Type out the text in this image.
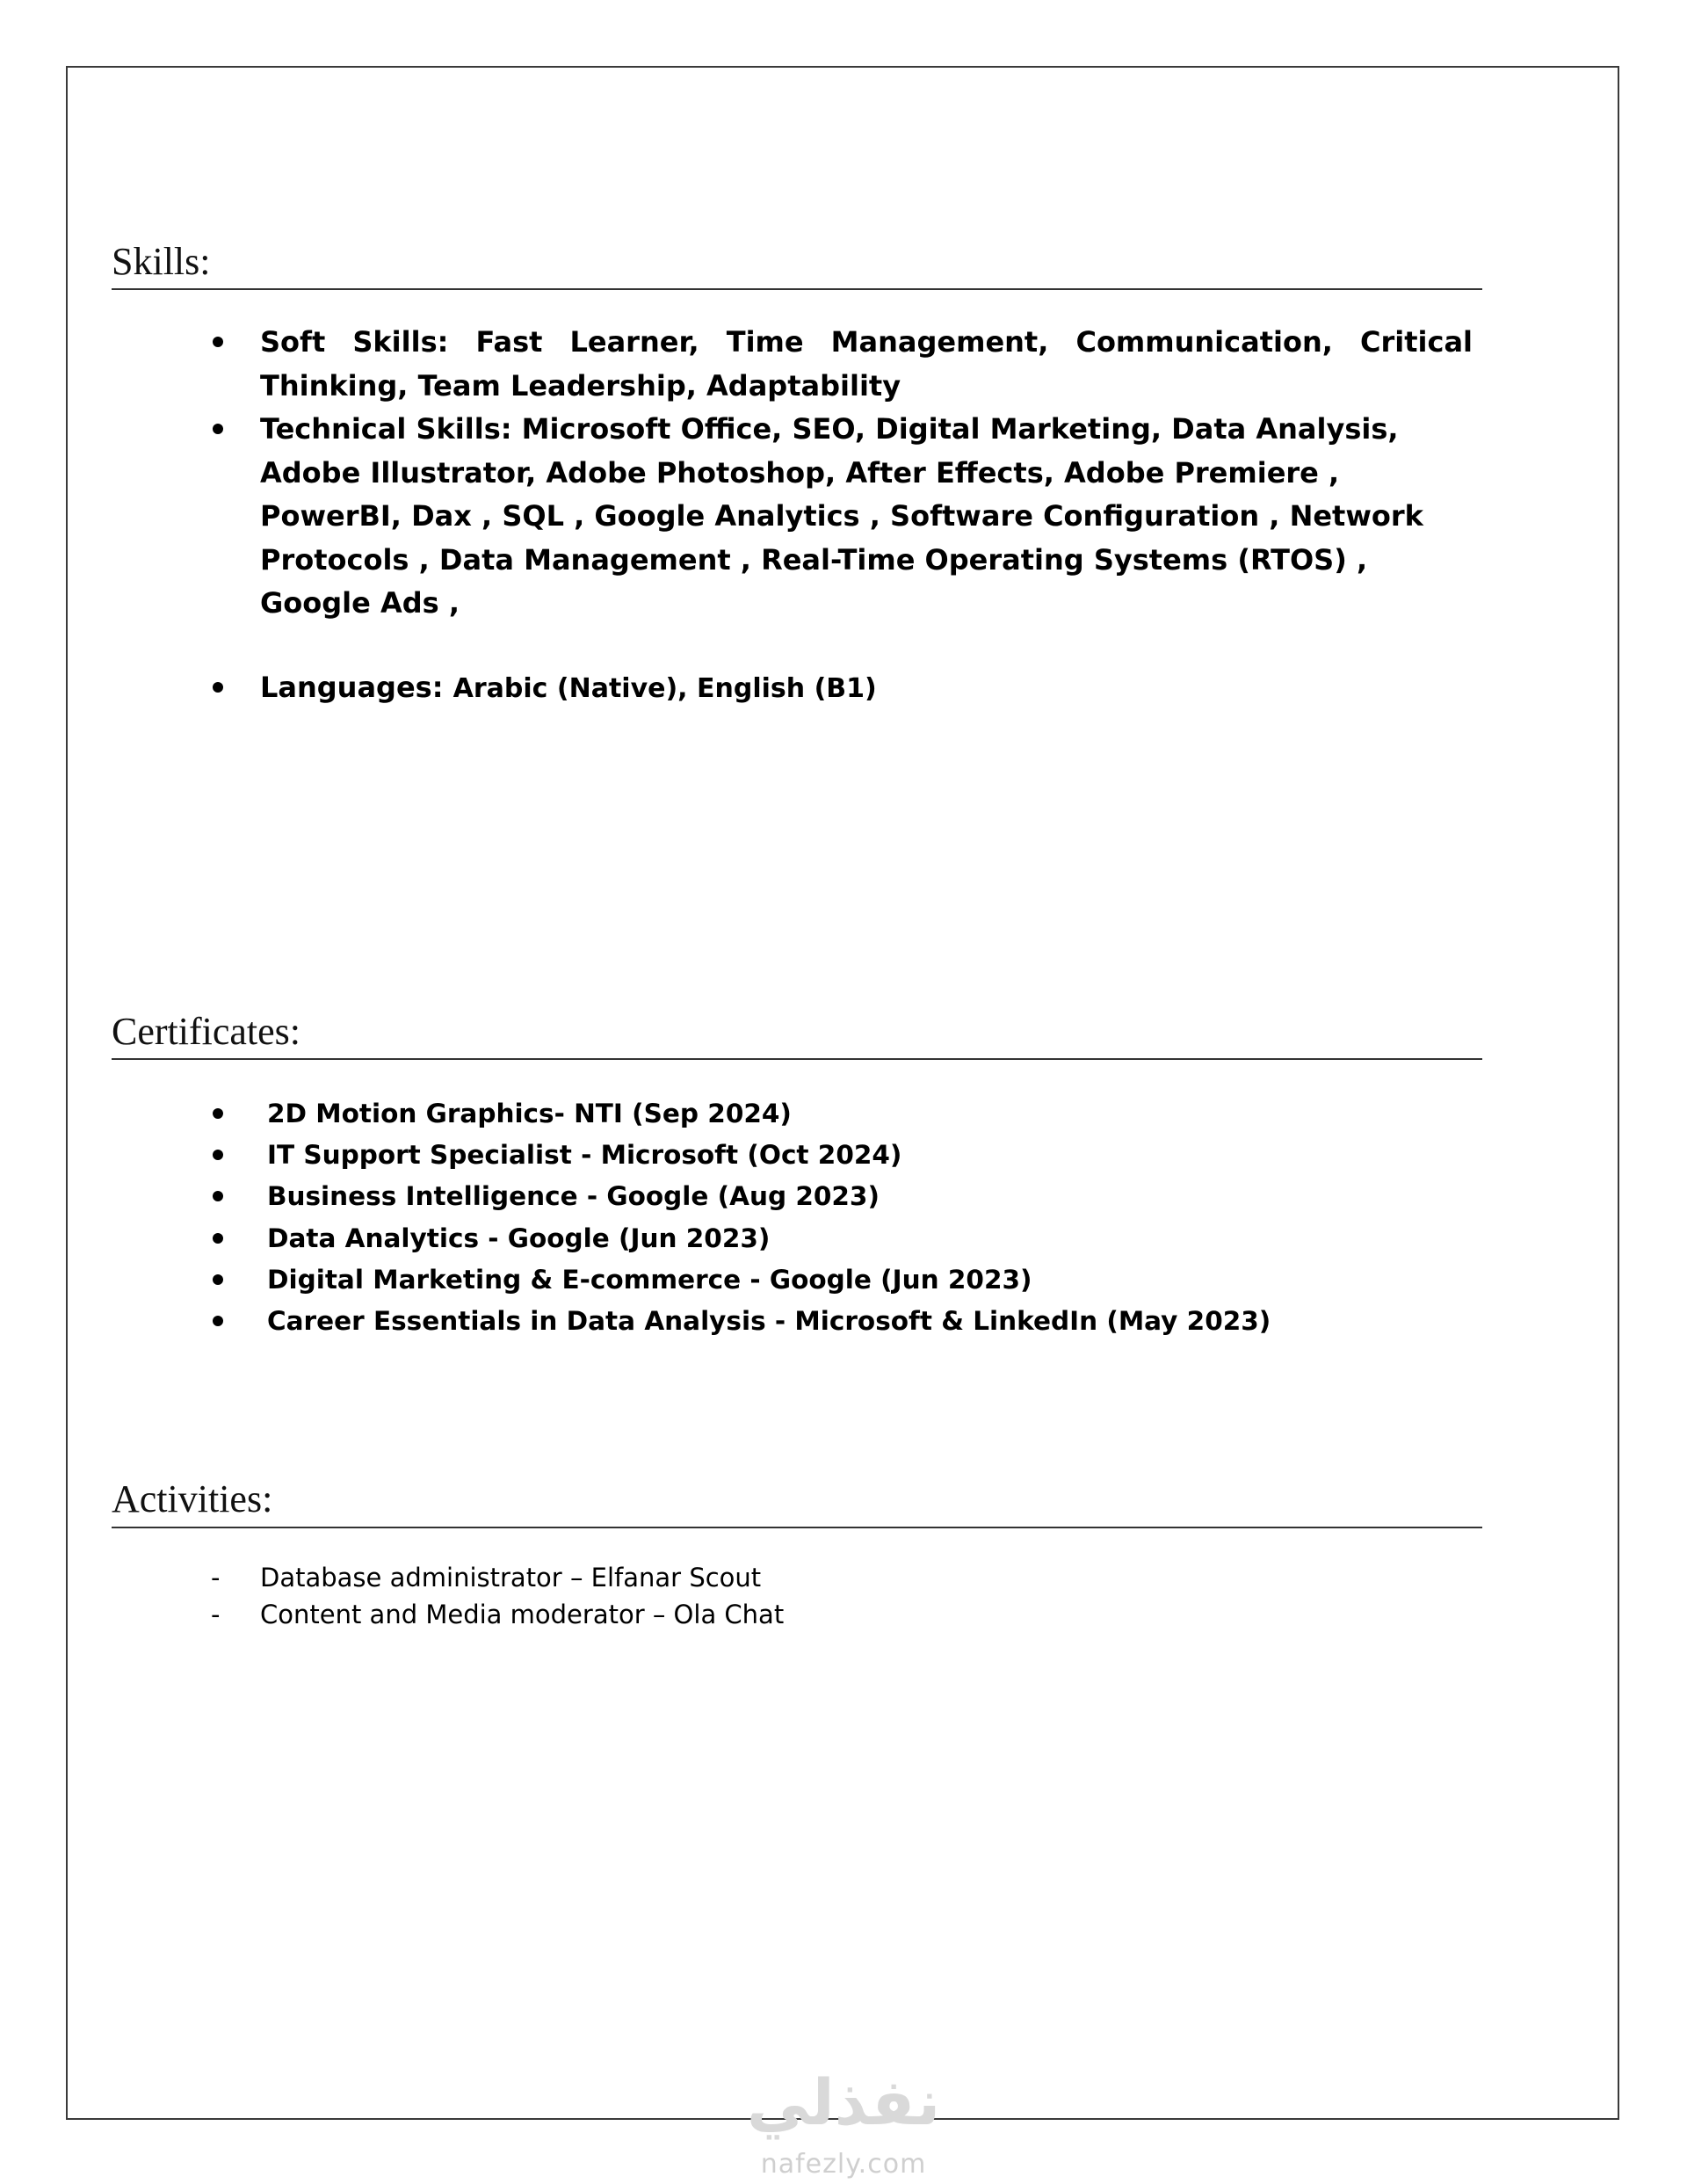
Skills:
Soft Skills: Fast Learner, Time Management, Communication, Critical Thinking, Team Leadership, Adaptability
Technical Skills: Microsoft Office, SEO, Digital Marketing, Data Analysis, Adobe Illustrator, Adobe Photoshop, After Effects, Adobe Premiere , PowerBI, Dax , SQL , Google Analytics , Software Configuration , Network Protocols , Data Management , Real-Time Operating Systems (RTOS) , Google Ads ,
Languages: Arabic (Native), English (B1)
Certificates:
2D Motion Graphics- NTI (Sep 2024)
IT Support Specialist - Microsoft (Oct 2024)
Business Intelligence - Google (Aug 2023)
Data Analytics - Google (Jun 2023)
Digital Marketing & E-commerce - Google (Jun 2023)
Career Essentials in Data Analysis - Microsoft & LinkedIn (May 2023)
Activities:
- Database administrator – Elfanar Scout
- Content and Media moderator – Ola Chat
نفذلي
nafezly.com
